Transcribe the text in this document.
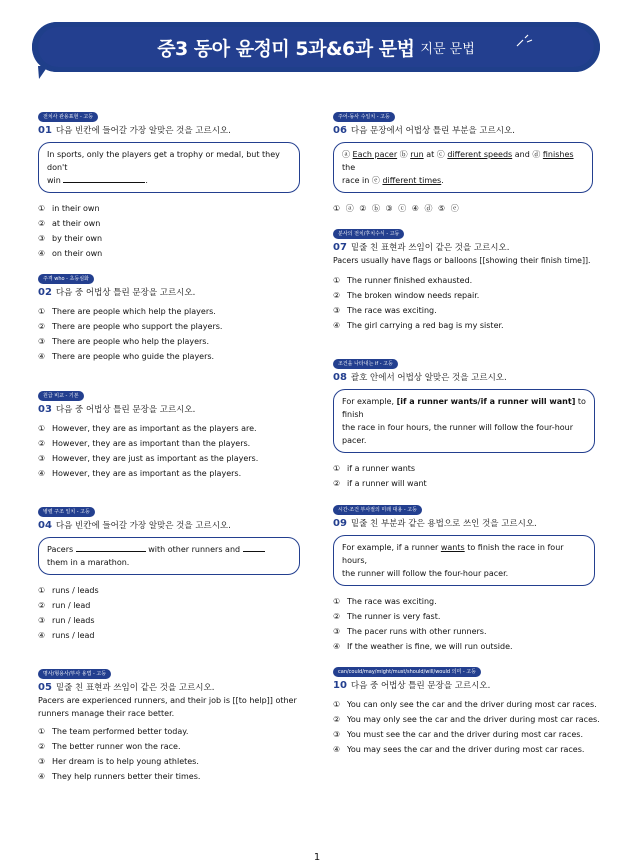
중3 동아 윤정미 5과&6과 문법 지문 문법
전치사 관용표현 - 고등
01 다음 빈칸에 들어갈 가장 알맞은 것을 고르시오.
In sports, only the players get a trophy or medal, but they don't
win	.
① in their own
② at their own
③ by their own
④ on their own
주격 who - 초등심화
02 다음 중 어법상 틀린 문장을 고르시오.
① There are people which help the players.
② There are people who support the players.
③ There are people who help the players.
④ There are people who guide the players.
원급 비교 - 기본
03 다음 중 어법상 틀린 문장을 고르시오.
① However, they are as important as the players are.
② However, they are as important than the players.
③ However, they are just as important as the players.
④ However, they are as important as the players.
병렬 구조 일치 - 고등
04 다음 빈칸에 들어갈 가장 알맞은 것을 고르시오.
Pacers	with other runners and
them in a marathon.
① runs / leads
② run / lead
③ run / leads
④ runs / lead
명사/형용사/부사 용법 - 고등
05 밑줄 친 표현과 쓰임이 같은 것을 고르시오.
Pacers are experienced runners, and their job is [[to help]] other
runners manage their race better.
① The team performed better today.
② The better runner won the race.
③ Her dream is to help young athletes.
④ They help runners better their times.
주어-동사 수일치 - 고등
06 다음 문장에서 어법상 틀린 부분을 고르시오.
ⓐ Each pacer ⓑ run at ⓒ different speeds and ⓓ finishes the
race in ⓔ different times.
① ⓐ ② ⓑ ③ ⓒ ④ ⓓ ⑤ ⓔ
분사의 전치/후치수식 - 고등
07 밑줄 친 표현과 쓰임이 같은 것을 고르시오.
Pacers usually have flags or balloons [[showing their finish time]].
① The runner finished exhausted.
② The broken window needs repair.
③ The race was exciting.
④ The girl carrying a red bag is my sister.
조건을 나타내는 if - 고등
08 괄호 안에서 어법상 알맞은 것을 고르시오.
For example, [if a runner wants/if a runner will want] to finish
the race in four hours, the runner will follow the four-hour
pacer.
① if a runner wants
② if a runner will want
시간·조건 부사절의 미래 대용 - 고등
09 밑줄 친 부분과 같은 용법으로 쓰인 것을 고르시오.
For example, if a runner wants to finish the race in four hours,
the runner will follow the four-hour pacer.
① The race was exciting.
② The runner is very fast.
③ The pacer runs with other runners.
④ If the weather is fine, we will run outside.
can/could/may/might/must/should/will/would 의미 - 고등
10 다음 중 어법상 틀린 문장을 고르시오.
① You can only see the car and the driver during most car races.
② You may only see the car and the driver during most car races.
③ You must see the car and the driver during most car races.
④ You may sees the car and the driver during most car races.
1
